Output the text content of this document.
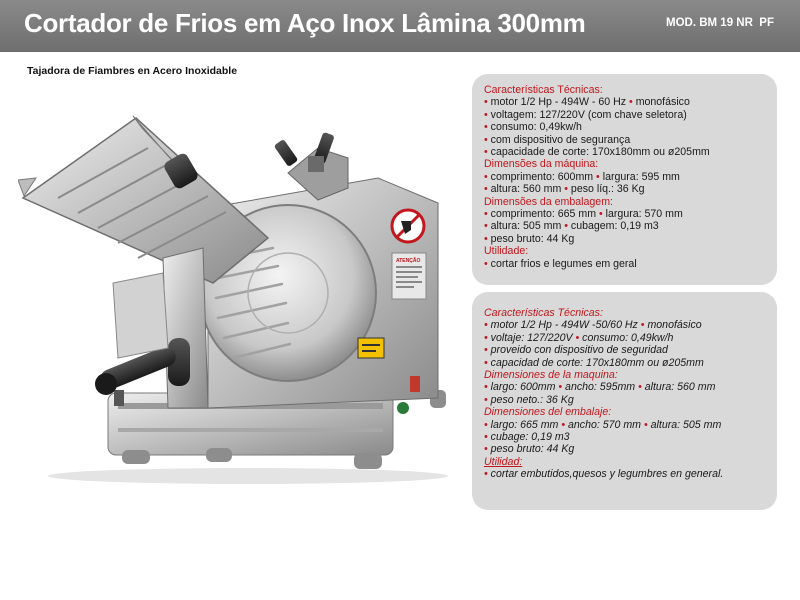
Cortador de Frios em Aço Inox Lâmina 300mm	MOD. BM 19 NR  PF
Tajadora de Fiambres en Acero Inoxidable
ATENÇÃO
Características Técnicas:
• motor 1/2 Hp - 494W - 60 Hz • monofásico
• voltagem: 127/220V (com chave seletora)
• consumo: 0,49kw/h
• com dispositivo de segurança
• capacidade de corte: 170x180mm ou ø205mm
Dimensões da máquina:
• comprimento: 600mm • largura: 595 mm
• altura: 560 mm • peso líq.: 36 Kg
Dimensões da embalagem:
• comprimento: 665 mm • largura: 570 mm
• altura: 505 mm • cubagem: 0,19 m3
• peso bruto: 44 Kg
Utilidade:
• cortar frios e legumes em geral
Características Técnicas:
• motor 1/2 Hp - 494W -50/60 Hz • monofásico
• voltaje: 127/220V • consumo: 0,49kw/h
• proveido con dispositivo de seguridad
• capacidad de corte: 170x180mm ou ø205mm
Dimensiones de la maquina:
• largo: 600mm • ancho: 595mm • altura: 560 mm
• peso neto.: 36 Kg
Dimensiones del embalaje:
• largo: 665 mm • ancho: 570 mm • altura: 505 mm
• cubage: 0,19 m3
• peso bruto: 44 Kg
Utilidad:
• cortar embutidos,quesos y legumbres en general.
